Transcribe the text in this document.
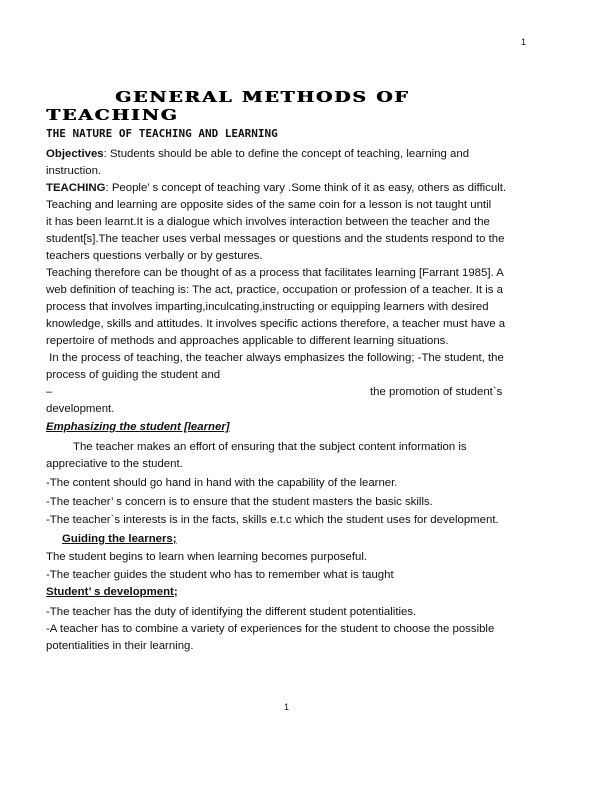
1
GENERAL METHODS OF
TEACHING
THE NATURE OF TEACHING AND LEARNING
Objectives: Students should be able to define the concept of teaching, learning and
instruction.
TEACHING: People’ s concept of teaching vary .Some think of it as easy, others as difficult.
Teaching and learning are opposite sides of the same coin for a lesson is not taught until
it has been learnt.It is a dialogue which involves interaction between the teacher and the
student[s].The teacher uses verbal messages or questions and the students respond to the
teachers questions verbally or by gestures.
Teaching therefore can be thought of as a process that facilitates learning [Farrant 1985]. A
web definition of teaching is: The act, practice, occupation or profession of a teacher. It is a
process that involves imparting,inculcating,instructing or equipping learners with desired
knowledge, skills and attitudes. It involves specific actions therefore, a teacher must have a
repertoire of methods and approaches applicable to different learning situations.
In the process of teaching, the teacher always emphasizes the following; -The student, the
process of guiding the student and
–	the promotion of student`s
development.
Emphasizing the student [learner]
The teacher makes an effort of ensuring that the subject content information is
appreciative to the student.
-The content should go hand in hand with the capability of the learner.
-The teacher’ s concern is to ensure that the student masters the basic skills.
-The teacher`s interests is in the facts, skills e.t.c which the student uses for development.
Guiding the learners;
The student begins to learn when learning becomes purposeful.
-The teacher guides the student who has to remember what is taught
Student’ s development;
-The teacher has the duty of identifying the different student potentialities.
-A teacher has to combine a variety of experiences for the student to choose the possible
potentialities in their learning.
1
